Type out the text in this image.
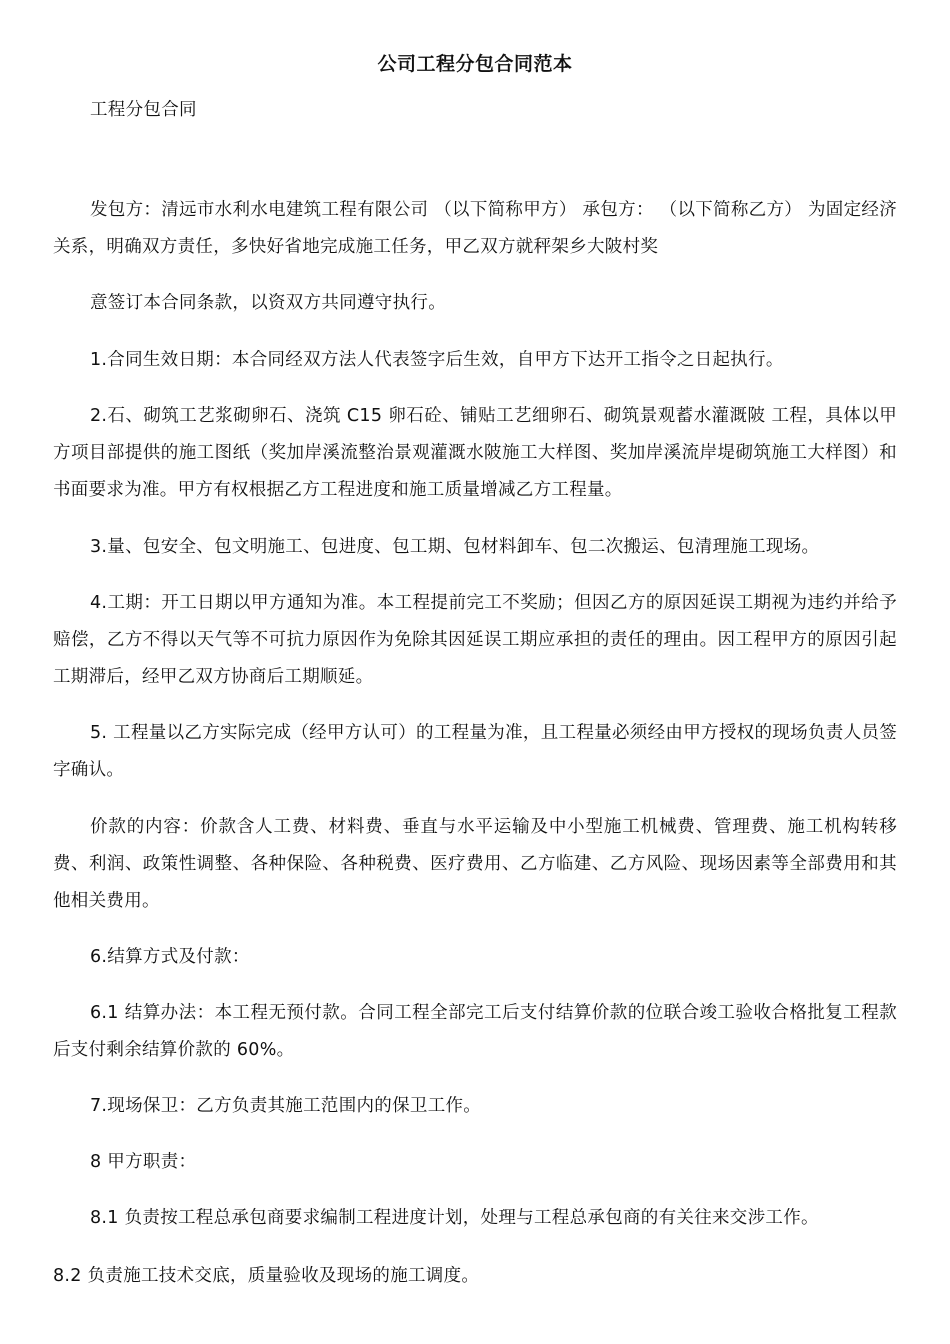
公司工程分包合同范本

工程分包合同

发包方：清远市水利水电建筑工程有限公司 （以下简称甲方） 承包方： （以下简称乙方） 为固定经济关系，明确双方责任，多快好省地完成施工任务，甲乙双方就秤架乡大陂村奖

意签订本合同条款，以资双方共同遵守执行。

1.合同生效日期：本合同经双方法人代表签字后生效，自甲方下达开工指令之日起执行。

2.石、砌筑工艺浆砌卵石、浇筑 C15 卵石砼、铺贴工艺细卵石、砌筑景观蓄水灌溉陂 工程，具体以甲方项目部提供的施工图纸（奖加岸溪流整治景观灌溉水陂施工大样图、奖加岸溪流岸堤砌筑施工大样图）和书面要求为准。甲方有权根据乙方工程进度和施工质量增减乙方工程量。

3.量、包安全、包文明施工、包进度、包工期、包材料卸车、包二次搬运、包清理施工现场。

4.工期：开工日期以甲方通知为准。本工程提前完工不奖励；但因乙方的原因延误工期视为违约并给予赔偿，乙方不得以天气等不可抗力原因作为免除其因延误工期应承担的责任的理由。因工程甲方的原因引起工期滞后，经甲乙双方协商后工期顺延。

5. 工程量以乙方实际完成（经甲方认可）的工程量为准，且工程量必须经由甲方授权的现场负责人员签字确认。

价款的内容：价款含人工费、材料费、垂直与水平运输及中小型施工机械费、管理费、施工机构转移费、利润、政策性调整、各种保险、各种税费、医疗费用、乙方临建、乙方风险、现场因素等全部费用和其他相关费用。

6.结算方式及付款：

6.1 结算办法：本工程无预付款。合同工程全部完工后支付结算价款的位联合竣工验收合格批复工程款后支付剩余结算价款的 60%。

7.现场保卫：乙方负责其施工范围内的保卫工作。

8 甲方职责：

8.1 负责按工程总承包商要求编制工程进度计划，处理与工程总承包商的有关往来交涉工作。

8.2 负责施工技术交底，质量验收及现场的施工调度。
